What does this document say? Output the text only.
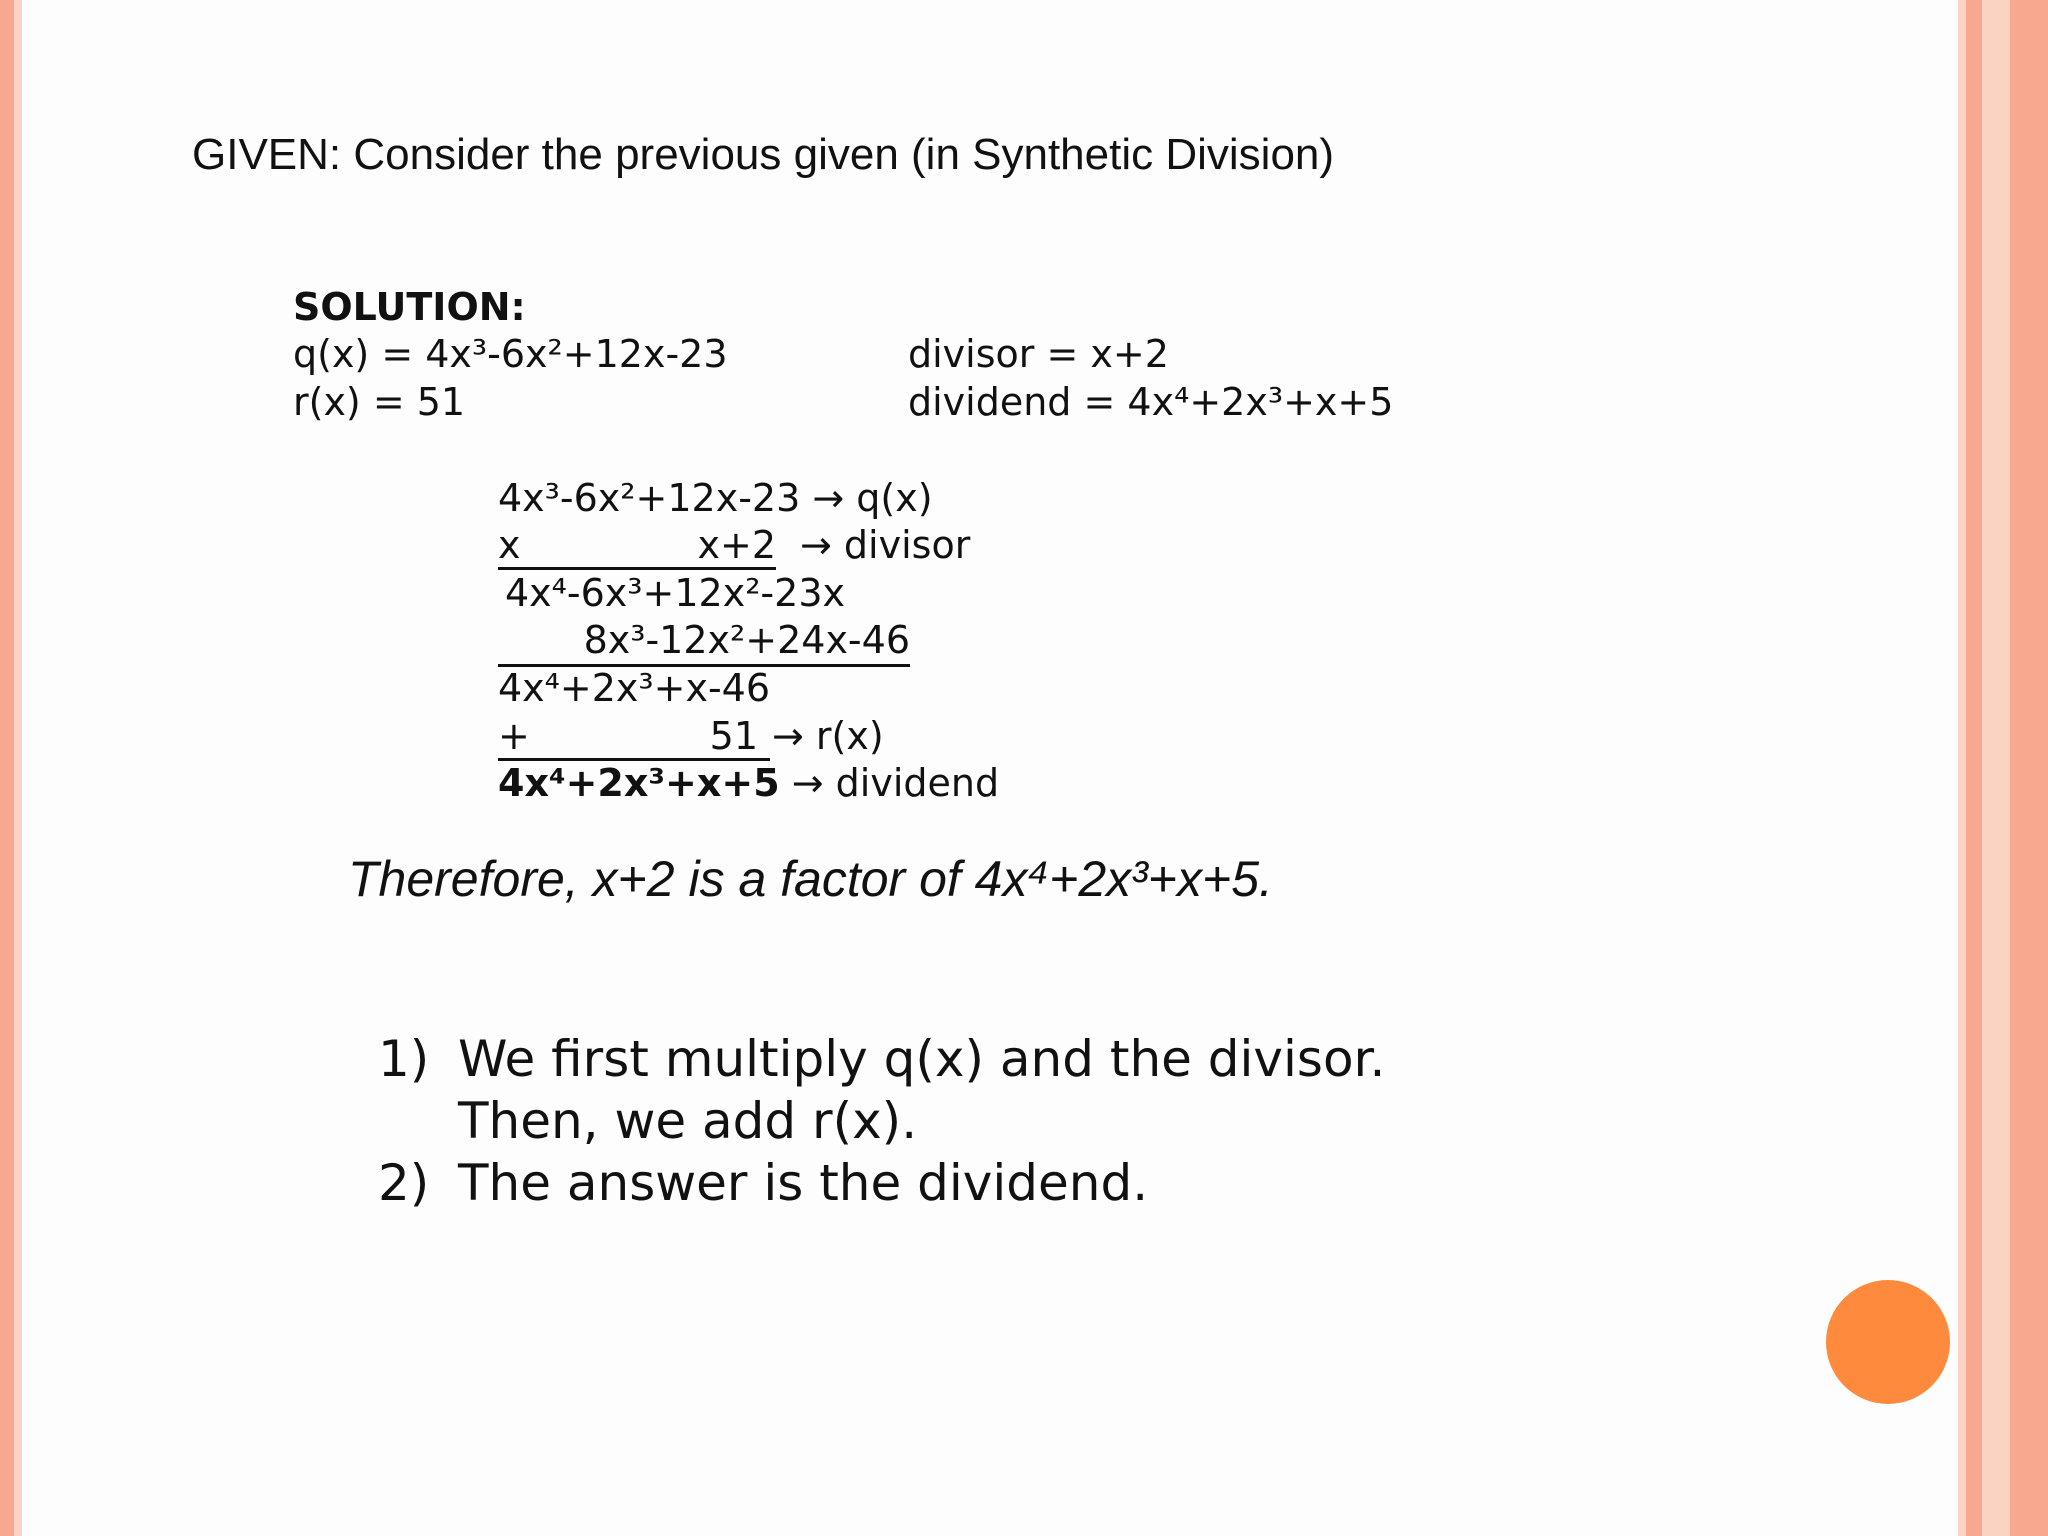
GIVEN: Consider the previous given (in Synthetic Division)
SOLUTION:
q(x) = 4x³-6x²+12x-23
r(x) = 51
divisor = x+2
dividend = 4x⁴+2x³+x+5
4x³-6x²+12x-23 → q(x)
x	x+2 → divisor
4x⁴-6x³+12x²-23x
8x³-12x²+24x-46
4x⁴+2x³+x-46
+	51 → r(x)
4x⁴+2x³+x+5 → dividend
Therefore, x+2 is a factor of 4x⁴+2x³+x+5.
1) We first multiply q(x) and the divisor.
Then, we add r(x).
2) The answer is the dividend.
